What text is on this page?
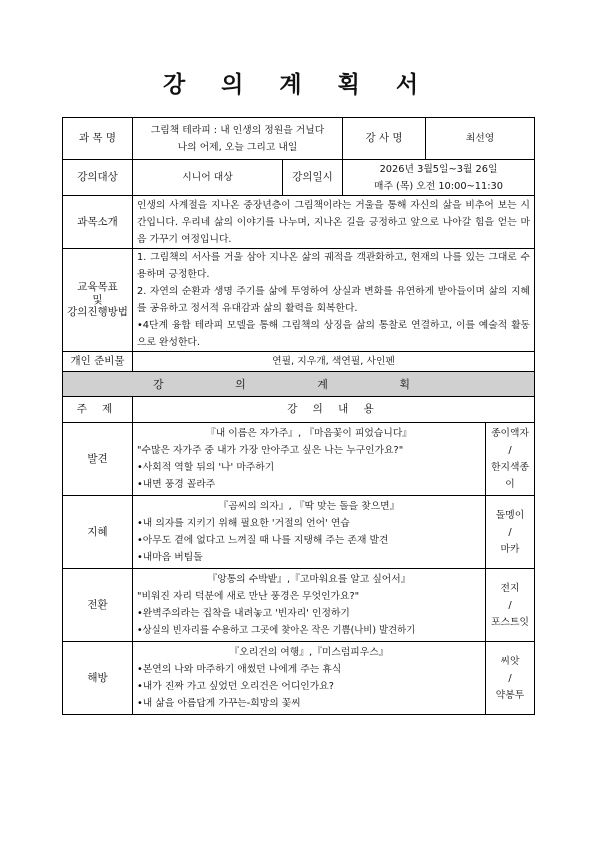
강 의 계 획 서
과 목 명	그림책 테라피 : 내 인생의 정원을 거닐다
나의 어제, 오늘 그리고 내일		강 사 명	최선영
강의대상	시니어 대상	강의일시	2026년 3월5일~3월 26일
매주 (목) 오전 10:00~11:30	

과목소개	인생의 사계절을 지나온 중장년층이 그림책이라는 거울을 통해 자신의 삶을 비추어 보는 시간입니다. 우리네 삶의 이야기를 나누며, 지나온 길을 긍정하고 앞으로 나아갈 힘을 얻는 마음 가꾸기 여정입니다.			

교육목표
및
강의진행방법	1. 그림책의 서사를 거울 삼아 지나온 삶의 궤적을 객관화하고, 현재의 나를 있는 그대로 수용하며 긍정한다.
2. 자연의 순환과 생명 주기를 삶에 투영하여 상실과 변화를 유연하게 받아들이며 삶의 지혜를 공유하고 정서적 유대감과 삶의 활력을 회복한다.
•4단계 융합 테라피 모델을 통해 그림책의 상징을 삶의 통찰로 연결하고, 이를 예술적 활동으로 완성한다.			

개인 준비물	연필, 지우개, 색연필, 사인펜			
강 의 계 획		
주 제	강 의 내 용	
발견	『내 이름은 자가주』, 『마음꽃이 피었습니다』
"수많은 자가주 중 내가 가장 안아주고 싶은 나는 누구인가요?"
•사회적 역할 뒤의 '나' 마주하기
•내면 풍경 꼴라주	종이액자
/
한지색종이

지혜	『곰씨의 의자』, 『딱 맞는 돌을 찾으면』
•내 의자를 지키기 위해 필요한 '거절의 언어' 연습
•아무도 곁에 없다고 느껴질 때 나를 지탱해 주는 존재 발견
•내마음 버팀돌	돌멩이
/
마카

전환	『앙통의 수박밭』,『고마워요를 알고 싶어서』
"비워진 자리 덕분에 새로 만난 풍경은 무엇인가요?"
•완벽주의라는 집착을 내려놓고 '빈자리' 인정하기
•상실의 빈자리를 수용하고 그곳에 찾아온 작은 기쁨(나비) 발견하기	전지
/
포스트잇

해방	『오리건의 여행』,『미스럼피우스』
•본연의 나와 마주하기 애썼던 나에게 주는 휴식
•내가 진짜 가고 싶었던 오리건은 어디인가요?
•내 삶을 아름답게 가꾸는-희망의 꽃씨	씨앗
/
약봉투
